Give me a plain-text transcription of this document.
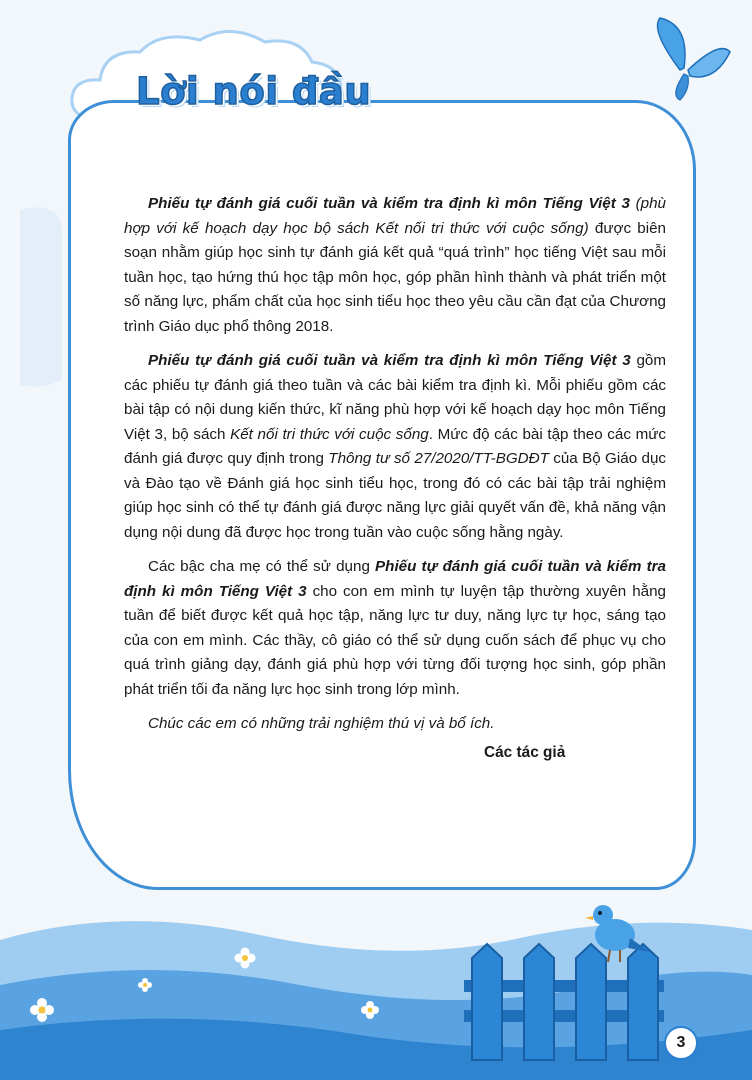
Lời nói đầu

Phiếu tự đánh giá cuối tuần và kiểm tra định kì môn Tiếng Việt 3 (phù hợp với kế hoạch dạy học bộ sách Kết nối tri thức với cuộc sống) được biên soạn nhằm giúp học sinh tự đánh giá kết quả “quá trình” học tiếng Việt sau mỗi tuần học, tạo hứng thú học tập môn học, góp phần hình thành và phát triển một số năng lực, phẩm chất của học sinh tiểu học theo yêu cầu cần đạt của Chương trình Giáo dục phổ thông 2018.

Phiếu tự đánh giá cuối tuần và kiểm tra định kì môn Tiếng Việt 3 gồm các phiếu tự đánh giá theo tuần và các bài kiểm tra định kì. Mỗi phiếu gồm các bài tập có nội dung kiến thức, kĩ năng phù hợp với kế hoạch dạy học môn Tiếng Việt 3, bộ sách Kết nối tri thức với cuộc sống. Mức độ các bài tập theo các mức đánh giá được quy định trong Thông tư số 27/2020/TT-BGDĐT của Bộ Giáo dục và Đào tạo về Đánh giá học sinh tiểu học, trong đó có các bài tập trải nghiệm giúp học sinh có thể tự đánh giá được năng lực giải quyết vấn đề, khả năng vận dụng nội dung đã được học trong tuần vào cuộc sống hằng ngày.

Các bậc cha mẹ có thể sử dụng Phiếu tự đánh giá cuối tuần và kiểm tra định kì môn Tiếng Việt 3 cho con em mình tự luyện tập thường xuyên hằng tuần để biết được kết quả học tập, năng lực tư duy, năng lực tự học, sáng tạo của con em mình. Các thầy, cô giáo có thể sử dụng cuốn sách để phục vụ cho quá trình giảng dạy, đánh giá phù hợp với từng đối tượng học sinh, góp phần phát triển tối đa năng lực học sinh trong lớp mình.

Chúc các em có những trải nghiệm thú vị và bổ ích.

Các tác giả
3
